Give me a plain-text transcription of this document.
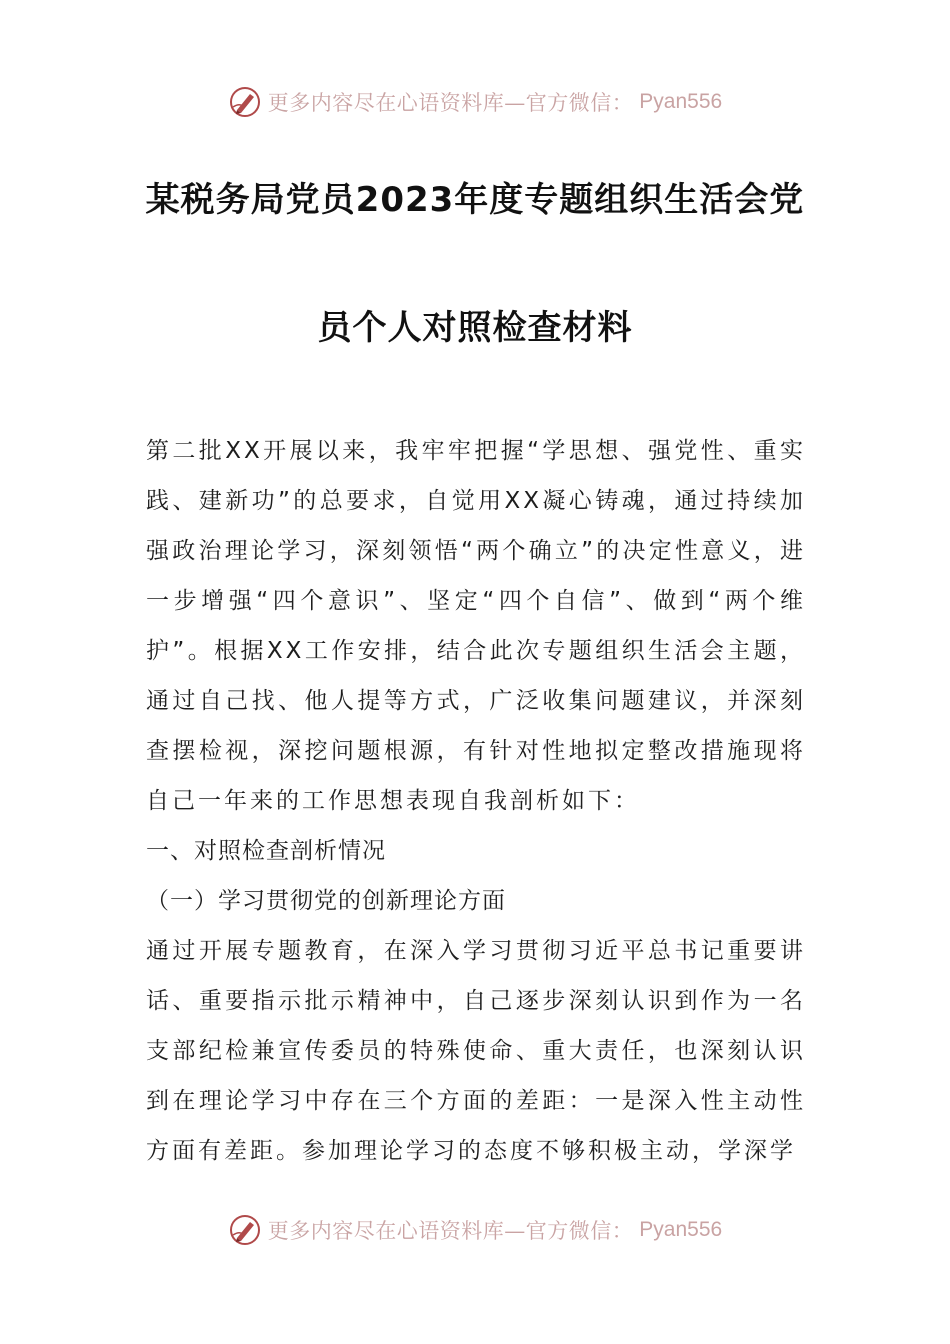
更多内容尽在心语资料库—官方微信： Pyan556
某税务局党员2023年度专题组织生活会党
员个人对照检查材料

第二批XX开展以来，我牢牢把握“学思想、强党性、重实践、建新功”的总要求，自觉用XX凝心铸魂，通过持续加强政治理论学习，深刻领悟“两个确立”的决定性意义，进一步增强“四个意识”、坚定“四个自信”、做到“两个维护”。根据XX工作安排，结合此次专题组织生活会主题，通过自己找、他人提等方式，广泛收集问题建议，并深刻查摆检视，深挖问题根源，有针对性地拟定整改措施现将自己一年来的工作思想表现自我剖析如下：

一、对照检查剖析情况

（一）学习贯彻党的创新理论方面

通过开展专题教育，在深入学习贯彻习近平总书记重要讲话、重要指示批示精神中，自己逐步深刻认识到作为一名支部纪检兼宣传委员的特殊使命、重大责任，也深刻认识到在理论学习中存在三个方面的差距：一是深入性主动性方面有差距。参加理论学习的态度不够积极主动，学深学

更多内容尽在心语资料库—官方微信： Pyan556
